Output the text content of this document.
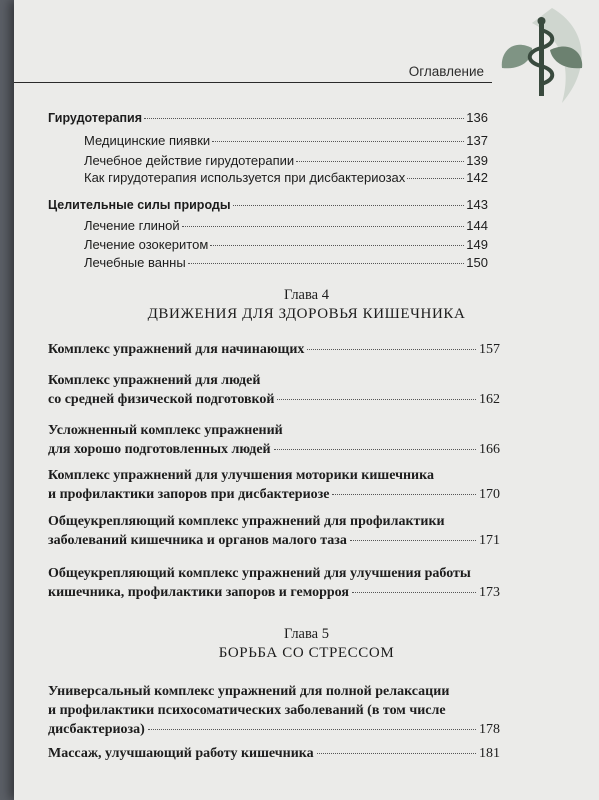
Оглавление
Гирудотерапия	136
Медицинские пиявки	137
Лечебное действие гирудотерапии	139
Как гирудотерапия используется при дисбактериозах	142
Целительные силы природы	143
Лечение глиной	144
Лечение озокеритом	149
Лечебные ванны	150
Глава 4
ДВИЖЕНИЯ ДЛЯ ЗДОРОВЬЯ КИШЕЧНИКА
Комплекс упражнений для начинающих	157
Комплекс упражнений для людей
со средней физической подготовкой	162
Усложненный комплекс упражнений
для хорошо подготовленных людей	166
Комплекс упражнений для улучшения моторики кишечника
и профилактики запоров при дисбактериозе	170
Общеукрепляющий комплекс упражнений для профилактики
заболеваний кишечника и органов малого таза	171
Общеукрепляющий комплекс упражнений для улучшения работы
кишечника, профилактики запоров и геморроя	173
Глава 5
БОРЬБА СО СТРЕССОМ
Универсальный комплекс упражнений для полной релаксации
и профилактики психосоматических заболеваний (в том числе
дисбактериоза)	178
Массаж, улучшающий работу кишечника	181
